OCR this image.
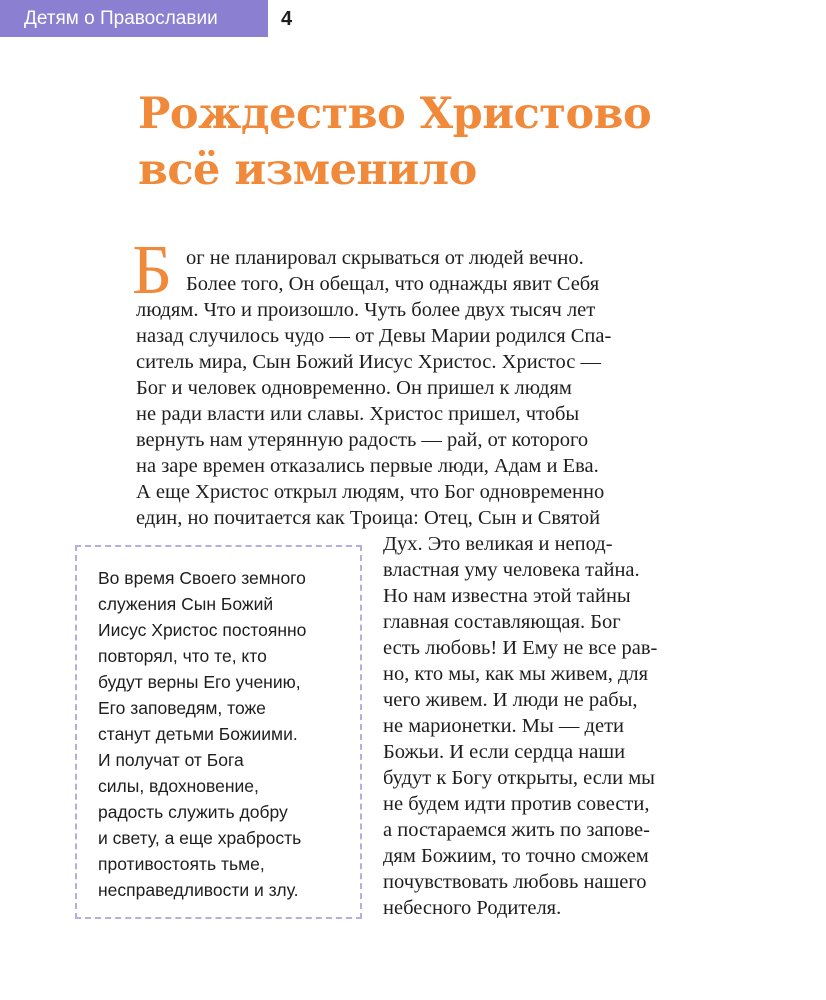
Детям о Православии	4
Рождество Христово
всё изменило
Б ог не планировал скрываться от людей вечно.
Более того, Он обещал, что однажды явит Себя
людям. Что и произошло. Чуть более двух тысяч лет
назад случилось чудо — от Девы Марии родился Спа-
ситель мира, Сын Божий Иисус Христос. Христос —
Бог и человек одновременно. Он пришел к людям
не ради власти или славы. Христос пришел, чтобы
вернуть нам утерянную радость — рай, от которого
на заре времен отказались первые люди, Адам и Ева.
А еще Христос открыл людям, что Бог одновременно
един, но почитается как Троица: Отец, Сын и Святой
Дух. Это великая и непод-
властная уму человека тайна.
Но нам известна этой тайны
главная составляющая. Бог
есть любовь! И Ему не все рав-
но, кто мы, как мы живем, для
чего живем. И люди не рабы,
не марионетки. Мы — дети
Божьи. И если сердца наши
будут к Богу открыты, если мы
не будем идти против совести,
а постараемся жить по запове-
дям Божиим, то точно сможем
почувствовать любовь нашего
небесного Родителя.
Во время Своего земного
служения Сын Божий
Иисус Христос постоянно
повторял, что те, кто
будут верны Его учению,
Его заповедям, тоже
станут детьми Божиими.
И получат от Бога
силы, вдохновение,
радость служить добру
и свету, а еще храбрость
противостоять тьме,
несправедливости и злу.
